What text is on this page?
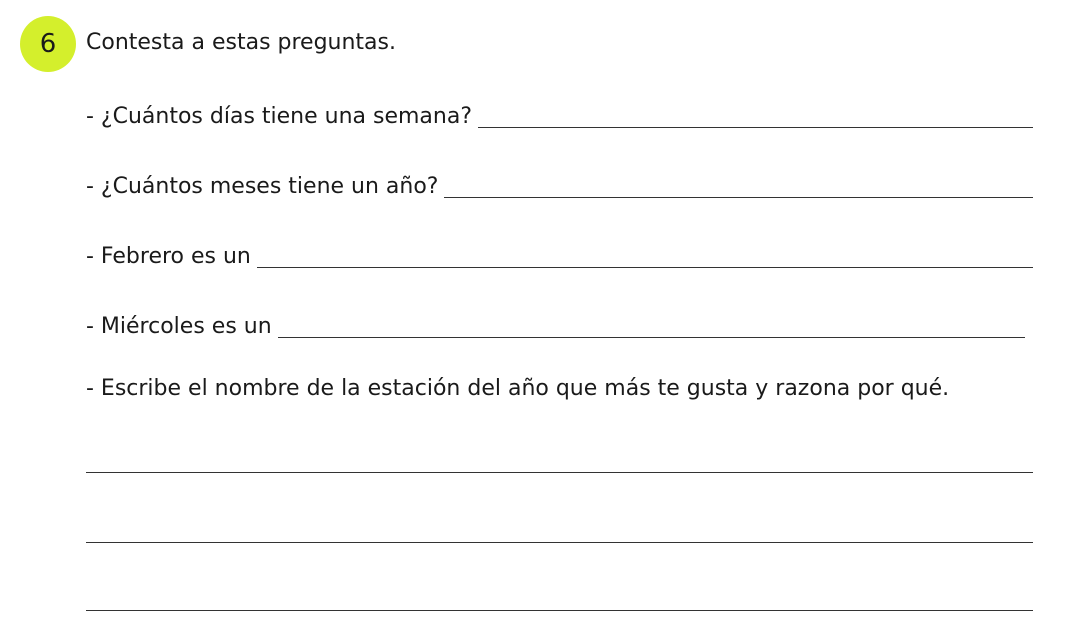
6 Contesta a estas preguntas.
- ¿Cuántos días tiene una semana?
- ¿Cuántos meses tiene un año?
- Febrero es un
- Miércoles es un
- Escribe el nombre de la estación del año que más te gusta y razona por qué.
